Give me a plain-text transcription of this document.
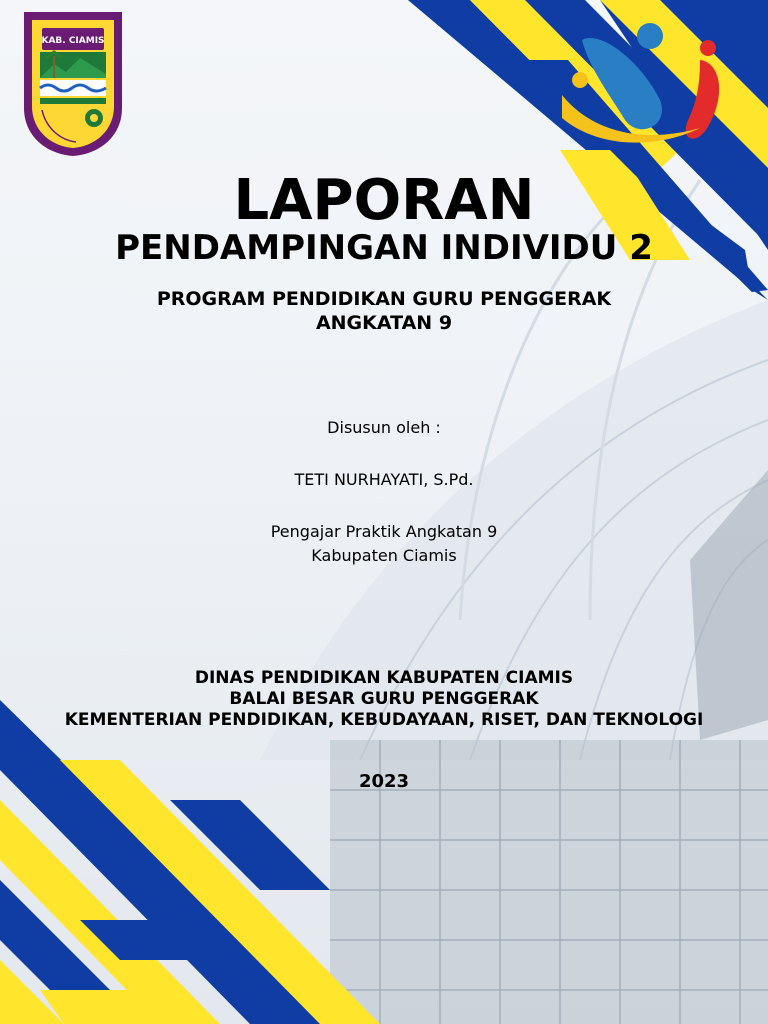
KAB. CIAMIS

LAPORAN

PENDAMPINGAN INDIVIDU 2

PROGRAM PENDIDIKAN GURU PENGGERAK

ANGKATAN 9

Disusun oleh :

TETI NURHAYATI, S.Pd.

Pengajar Praktik Angkatan 9

Kabupaten Ciamis

DINAS PENDIDIKAN KABUPATEN CIAMIS

BALAI BESAR GURU PENGGERAK

KEMENTERIAN PENDIDIKAN, KEBUDAYAAN, RISET, DAN TEKNOLOGI

2023
